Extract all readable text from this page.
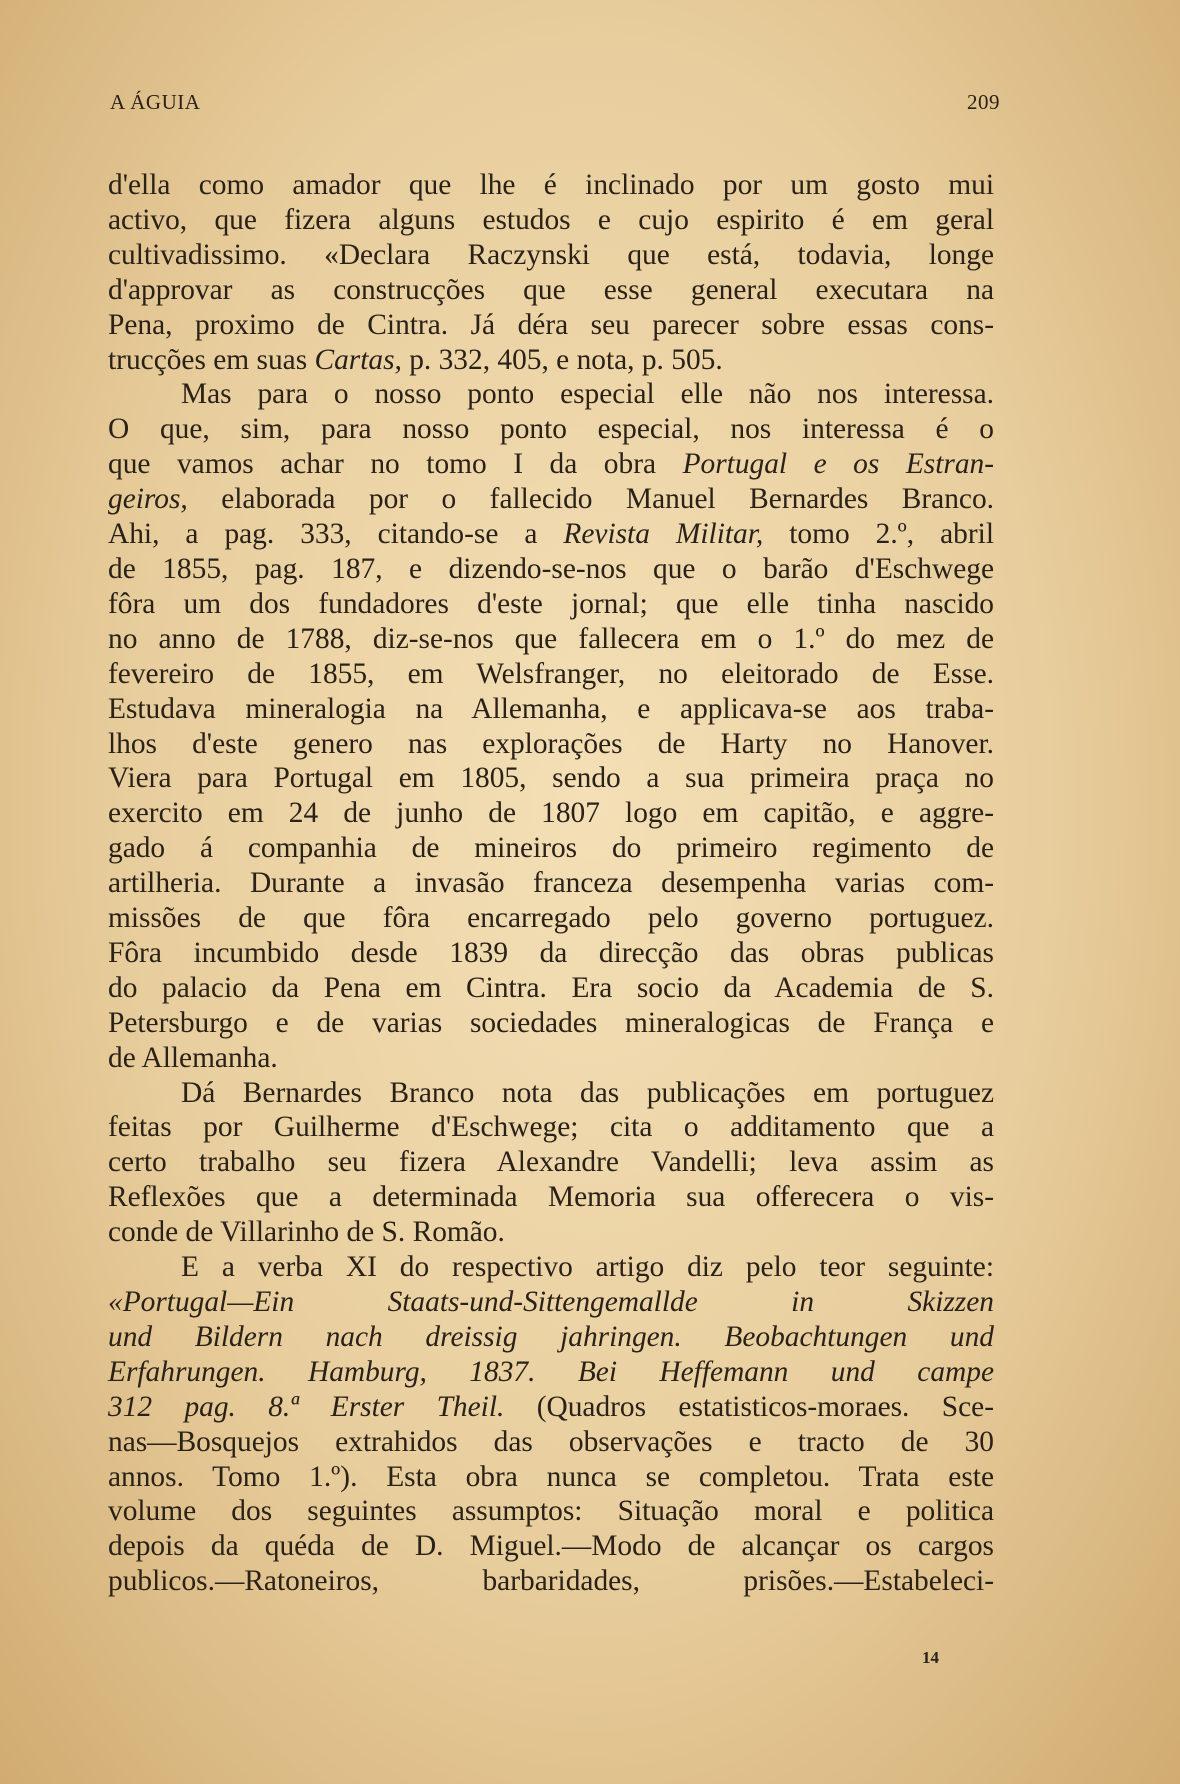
A ÁGUIA	209

d'ella como amador que lhe é inclinado por um gosto mui

activo, que fizera alguns estudos e cujo espirito é em geral

cultivadissimo. «Declara Raczynski que está, todavia, longe

d'approvar as construcções que esse general executara na

Pena, proximo de Cintra. Já déra seu parecer sobre essas cons-

trucções em suas Cartas, p. 332, 405, e nota, p. 505.

Mas para o nosso ponto especial elle não nos interessa.

O que, sim, para nosso ponto especial, nos interessa é o

que vamos achar no tomo I da obra Portugal e os Estran-

geiros, elaborada por o fallecido Manuel Bernardes Branco.

Ahi, a pag. 333, citando-se a Revista Militar, tomo 2.º, abril

de 1855, pag. 187, e dizendo-se-nos que o barão d'Eschwege

fôra um dos fundadores d'este jornal; que elle tinha nascido

no anno de 1788, diz-se-nos que fallecera em o 1.º do mez de

fevereiro de 1855, em Welsfranger, no eleitorado de Esse.

Estudava mineralogia na Allemanha, e applicava-se aos traba-

lhos d'este genero nas explorações de Harty no Hanover.

Viera para Portugal em 1805, sendo a sua primeira praça no

exercito em 24 de junho de 1807 logo em capitão, e aggre-

gado á companhia de mineiros do primeiro regimento de

artilheria. Durante a invasão franceza desempenha varias com-

missões de que fôra encarregado pelo governo portuguez.

Fôra incumbido desde 1839 da direcção das obras publicas

do palacio da Pena em Cintra. Era socio da Academia de S.

Petersburgo e de varias sociedades mineralogicas de França e

de Allemanha.

Dá Bernardes Branco nota das publicações em portuguez

feitas por Guilherme d'Eschwege; cita o additamento que a

certo trabalho seu fizera Alexandre Vandelli; leva assim as

Reflexões que a determinada Memoria sua offerecera o vis-

conde de Villarinho de S. Romão.

E a verba XI do respectivo artigo diz pelo teor seguinte:

«Portugal—Ein Staats-und-Sittengemallde in Skizzen

und Bildern nach dreissig jahringen. Beobachtungen und

Erfahrungen. Hamburg, 1837. Bei Heffemann und campe

312 pag. 8.ª Erster Theil. (Quadros estatisticos-moraes. Sce-

nas—Bosquejos extrahidos das observações e tracto de 30

annos. Tomo 1.º). Esta obra nunca se completou. Trata este

volume dos seguintes assumptos: Situação moral e politica

depois da quéda de D. Miguel.—Modo de alcançar os cargos

publicos.—Ratoneiros, barbaridades, prisões.—Estabeleci-

14
